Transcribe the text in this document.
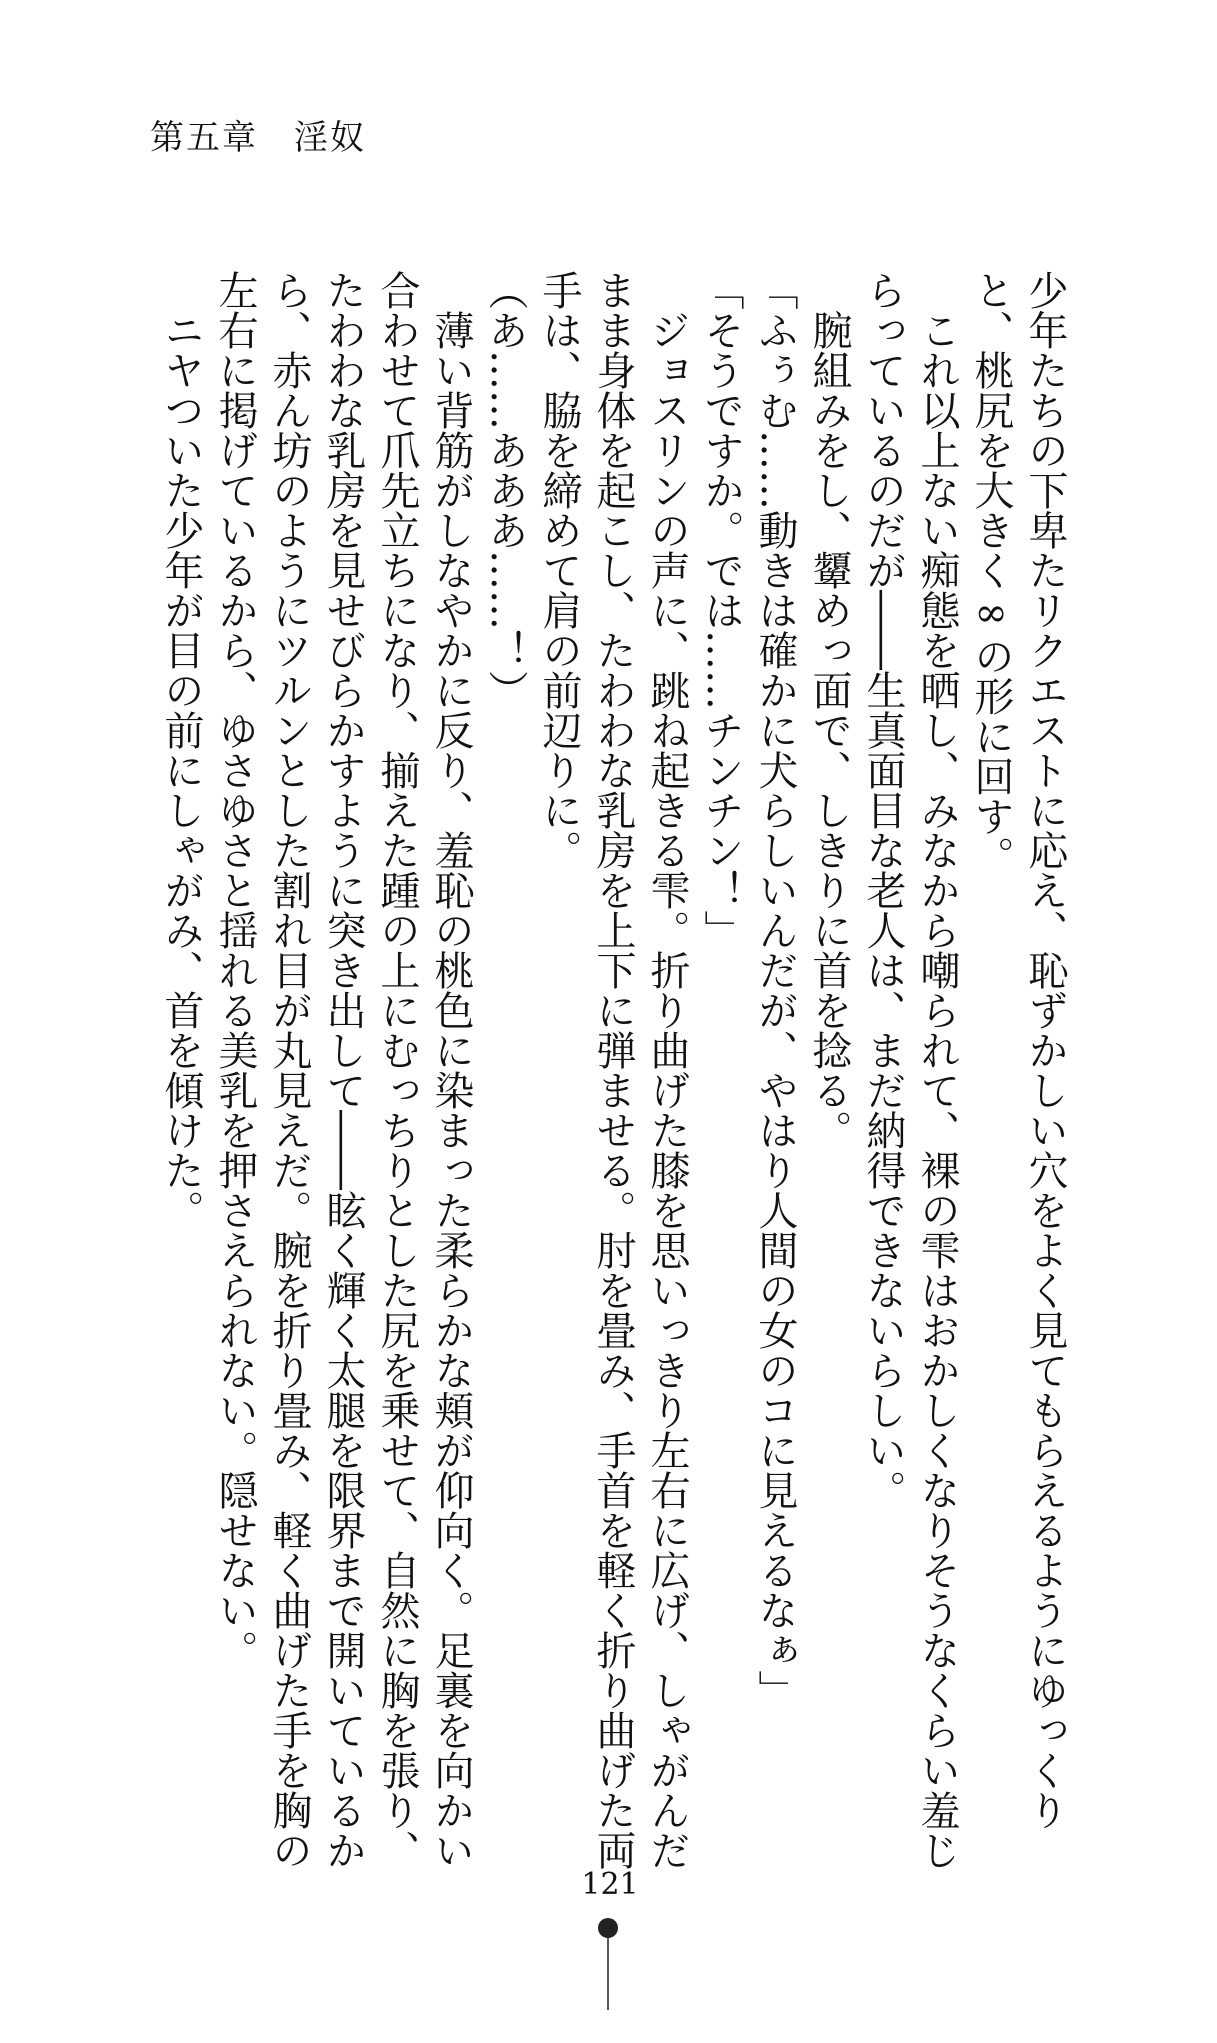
第五章　淫奴

少年たちの下卑たリクエストに応え、恥ずかしい穴をよく見てもらえるようにゆっくり

と、桃尻を大きく∞の形に回す。

　これ以上ない痴態を晒し、みなから嘲られて、裸の雫はおかしくなりそうなくらい羞じ

らっているのだが――生真面目な老人は、まだ納得できないらしい。

　腕組みをし、顰めっ面で、しきりに首を捻る。

「ふぅむ……動きは確かに犬らしいんだが、やはり人間の女のコに見えるなぁ」

「そうですか。では……チンチン！」

　ジョスリンの声に、跳ね起きる雫。折り曲げた膝を思いっきり左右に広げ、しゃがんだ

まま身体を起こし、たわわな乳房を上下に弾ませる。肘を畳み、手首を軽く折り曲げた両

手は、脇を締めて肩の前辺りに。

（あ……あああ……！）

　薄い背筋がしなやかに反り、羞恥の桃色に染まった柔らかな頬が仰向く。足裏を向かい

合わせて爪先立ちになり、揃えた踵の上にむっちりとした尻を乗せて、自然に胸を張り、

たわわな乳房を見せびらかすように突き出して――眩く輝く太腿を限界まで開いているか

ら、赤ん坊のようにツルンとした割れ目が丸見えだ。腕を折り畳み、軽く曲げた手を胸の

左右に掲げているから、ゆさゆさと揺れる美乳を押さえられない。隠せない。

　ニヤついた少年が目の前にしゃがみ、首を傾けた。

121
